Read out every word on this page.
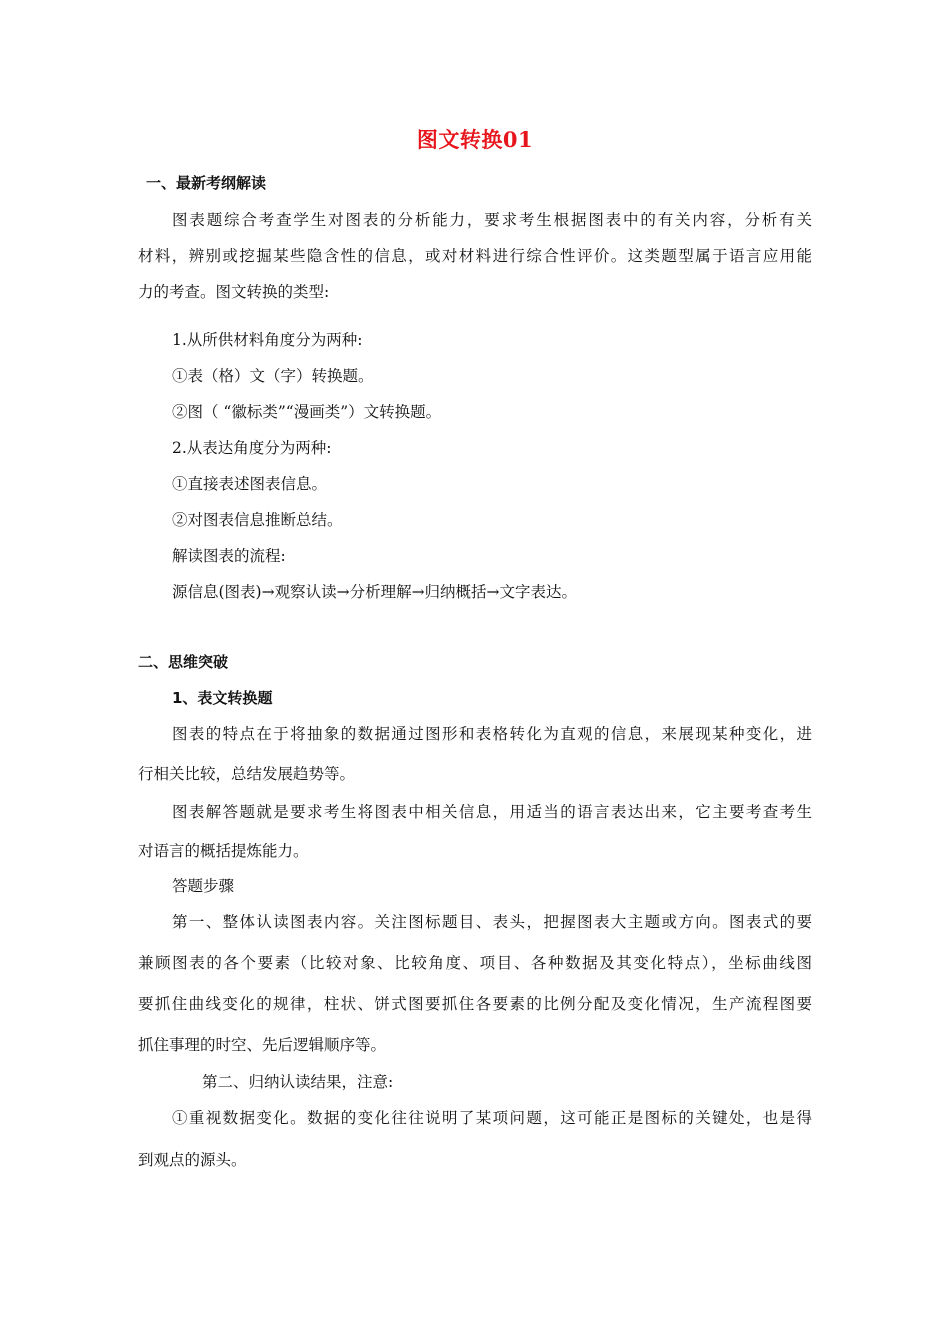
图文转换01
一、最新考纲解读
图表题综合考查学生对图表的分析能力，要求考生根据图表中的有关内容，分析有关
材料，辨别或挖掘某些隐含性的信息，或对材料进行综合性评价。这类题型属于语言应用能
力的考查。图文转换的类型:
1.从所供材料角度分为两种:
①表（格）文（字）转换题。
②图（ “徽标类”“漫画类”）文转换题。
2.从表达角度分为两种:
①直接表述图表信息。
②对图表信息推断总结。
解读图表的流程:
源信息(图表)→观察认读→分析理解→归纳概括→文字表达。
二、思维突破
1、表文转换题
图表的特点在于将抽象的数据通过图形和表格转化为直观的信息，来展现某种变化，进
行相关比较，总结发展趋势等。
图表解答题就是要求考生将图表中相关信息，用适当的语言表达出来，它主要考查考生
对语言的概括提炼能力。
答题步骤
第一、整体认读图表内容。关注图标题目、表头，把握图表大主题或方向。图表式的要
兼顾图表的各个要素（比较对象、比较角度、项目、各种数据及其变化特点），坐标曲线图
要抓住曲线变化的规律，柱状、饼式图要抓住各要素的比例分配及变化情况，生产流程图要
抓住事理的时空、先后逻辑顺序等。
第二、归纳认读结果，注意:
①重视数据变化。数据的变化往往说明了某项问题，这可能正是图标的关键处，也是得
到观点的源头。
